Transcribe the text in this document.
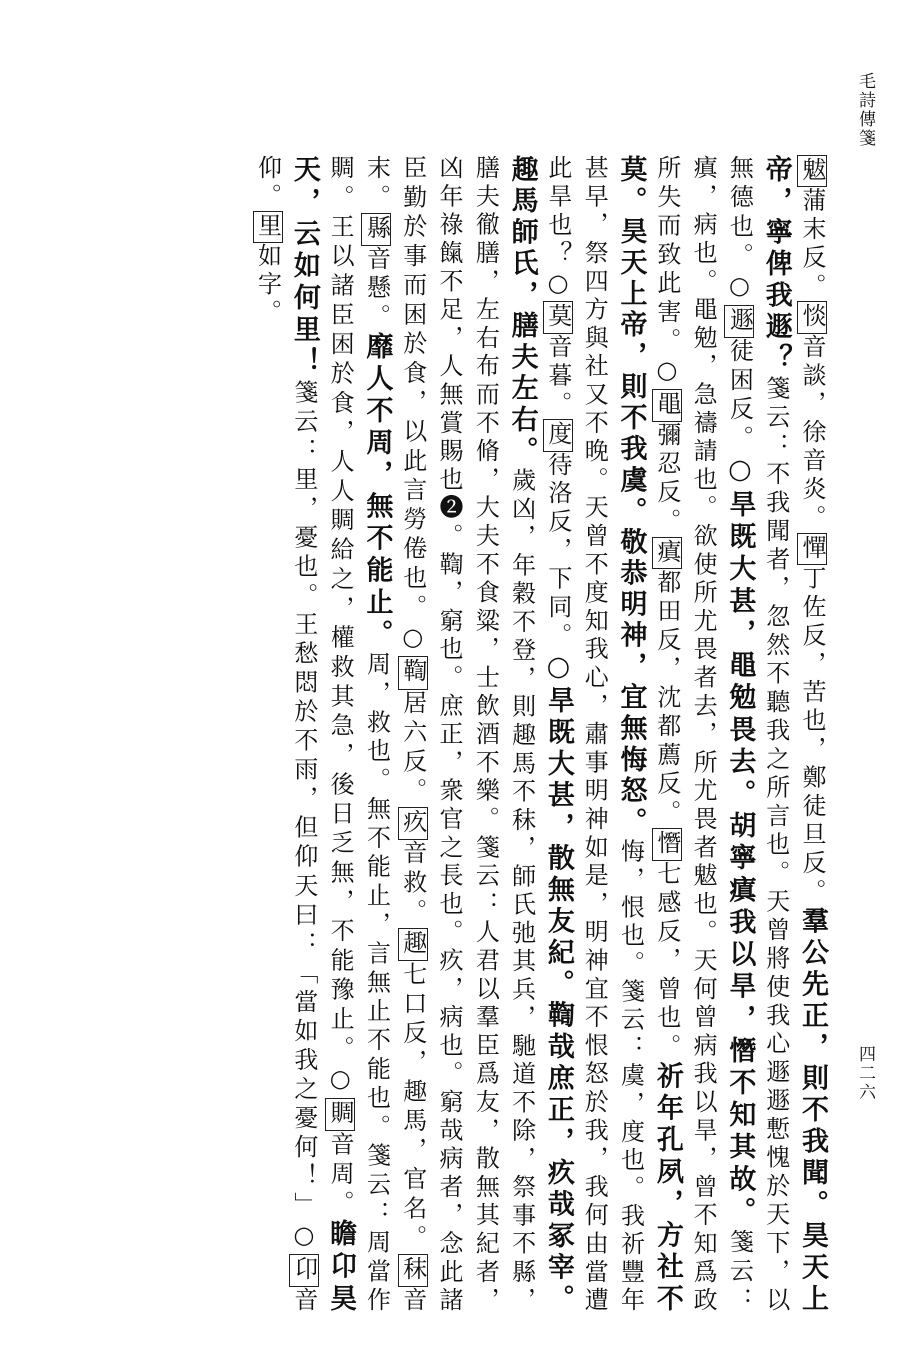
毛詩傳箋
四二六
魃蒲末反。惔音談，徐音炎。憚丁佐反，苦也，鄭徒旦反。羣公先正，則不我聞。昊天上帝，寧俾我遯？箋云：不我聞者，忽然不聽我之所言也。天曾將使我心遯遯慙愧於天下，以無德也。○遯徒困反。○旱既大甚，黽勉畏去。胡寧瘨我以旱，憯不知其故。箋云：瘨，病也。黽勉，急禱請也。欲使所尤畏者去，所尤畏者魃也。天何曾病我以旱，曾不知爲政所失而致此害。○黽彌忍反。瘨都田反，沈都薦反。憯七感反，曾也。祈年孔夙，方社不莫。昊天上帝，則不我虞。敬恭明神，宜無悔怒。悔，恨也。箋云：虞，度也。我祈豐年甚早，祭四方與社又不晚。天曾不度知我心，肅事明神如是，明神宜不恨怒於我，我何由當遭此旱也？○莫音暮。度待洛反，下同。○旱既大甚，散無友紀。鞫哉庶正，疚哉冢宰。趣馬師氏，膳夫左右。歲凶，年穀不登，則趣馬不秣，師氏弛其兵，馳道不除，祭事不縣，膳夫徹膳，左右布而不脩，大夫不食粱，士飲酒不樂。箋云：人君以羣臣爲友，散無其紀者，凶年祿餼不足，人無賞賜也❷。鞫，窮也。庶正，衆官之長也。疚，病也。窮哉病者，念此諸臣勤於事而困於食，以此言勞倦也。○鞫居六反。疚音救。趣七口反，趣馬，官名。秣音末。縣音懸。靡人不周，無不能止。周，救也。無不能止，言無止不能也。箋云：周當作賙。王以諸臣困於食，人人賙給之，權救其急，後日乏無，不能豫止。○賙音周。瞻卬昊天，云如何里！箋云：里，憂也。王愁悶於不雨，但仰天曰：「當如我之憂何！」○卬音仰。里如字。
